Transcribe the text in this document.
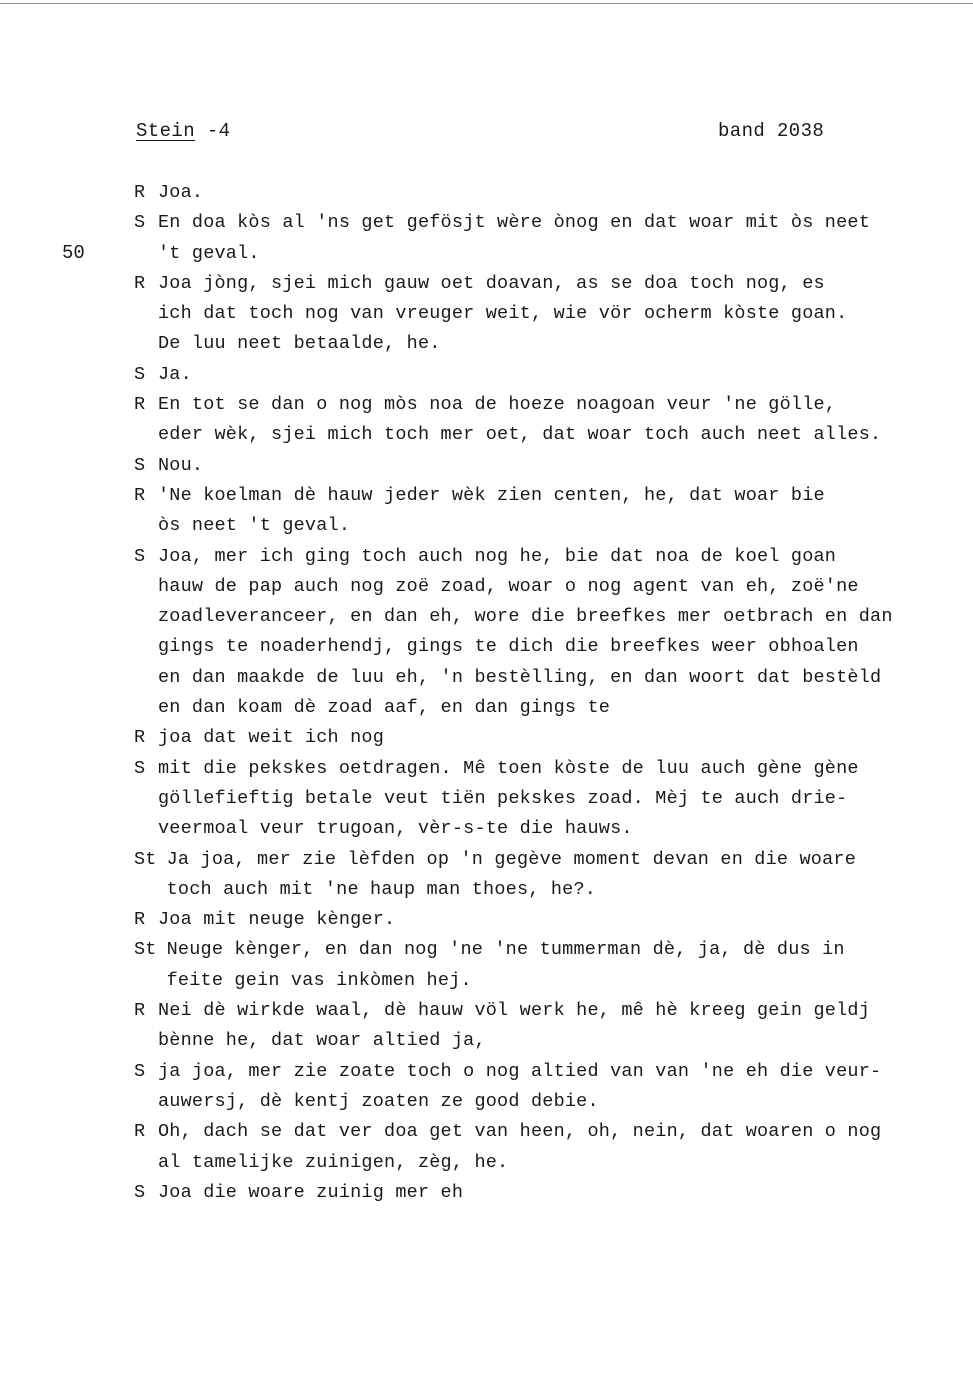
Stein -4	band 2038
50
R Joa.
S En doa kòs al 'ns get gefösjt wère ònog en dat woar mit òs neet
't geval.
R Joa jòng, sjei mich gauw oet doavan, as se doa toch nog, es
ich dat toch nog van vreuger weit, wie vör ocherm kòste goan.
De luu neet betaalde, he.
S Ja.
R En tot se dan o nog mòs noa de hoeze noagoan veur 'ne gölle,
eder wèk, sjei mich toch mer oet, dat woar toch auch neet alles.
S Nou.
R 'Ne koelman dè hauw jeder wèk zien centen, he, dat woar bie
òs neet 't geval.
S Joa, mer ich ging toch auch nog he, bie dat noa de koel goan
hauw de pap auch nog zoë zoad, woar o nog agent van eh, zoë'ne
zoadleveranceer, en dan eh, wore die breefkes mer oetbrach en dan
gings te noaderhendj, gings te dich die breefkes weer obhoalen
en dan maakde de luu eh, 'n bestèlling, en dan woort dat bestèld
en dan koam dè zoad aaf, en dan gings te
R joa dat weit ich nog
S mit die pekskes oetdragen. Mê toen kòste de luu auch gène gène
göllefieftig betale veut tiën pekskes zoad. Mèj te auch drie-
veermoal veur trugoan, vèr-s-te die hauws.
St Ja joa, mer zie lèfden op 'n gegève moment devan en die woare
toch auch mit 'ne haup man thoes, he?.
R Joa mit neuge kènger.
St Neuge kènger, en dan nog 'ne 'ne tummerman dè, ja, dè dus in
feite gein vas inkòmen hej.
R Nei dè wirkde waal, dè hauw völ werk he, mê hè kreeg gein geldj
bènne he, dat woar altied ja,
S ja joa, mer zie zoate toch o nog altied van van 'ne eh die veur-
auwersj, dè kentj zoaten ze good debie.
R Oh, dach se dat ver doa get van heen, oh, nein, dat woaren o nog
al tamelijke zuinigen, zèg, he.
S Joa die woare zuinig mer eh
